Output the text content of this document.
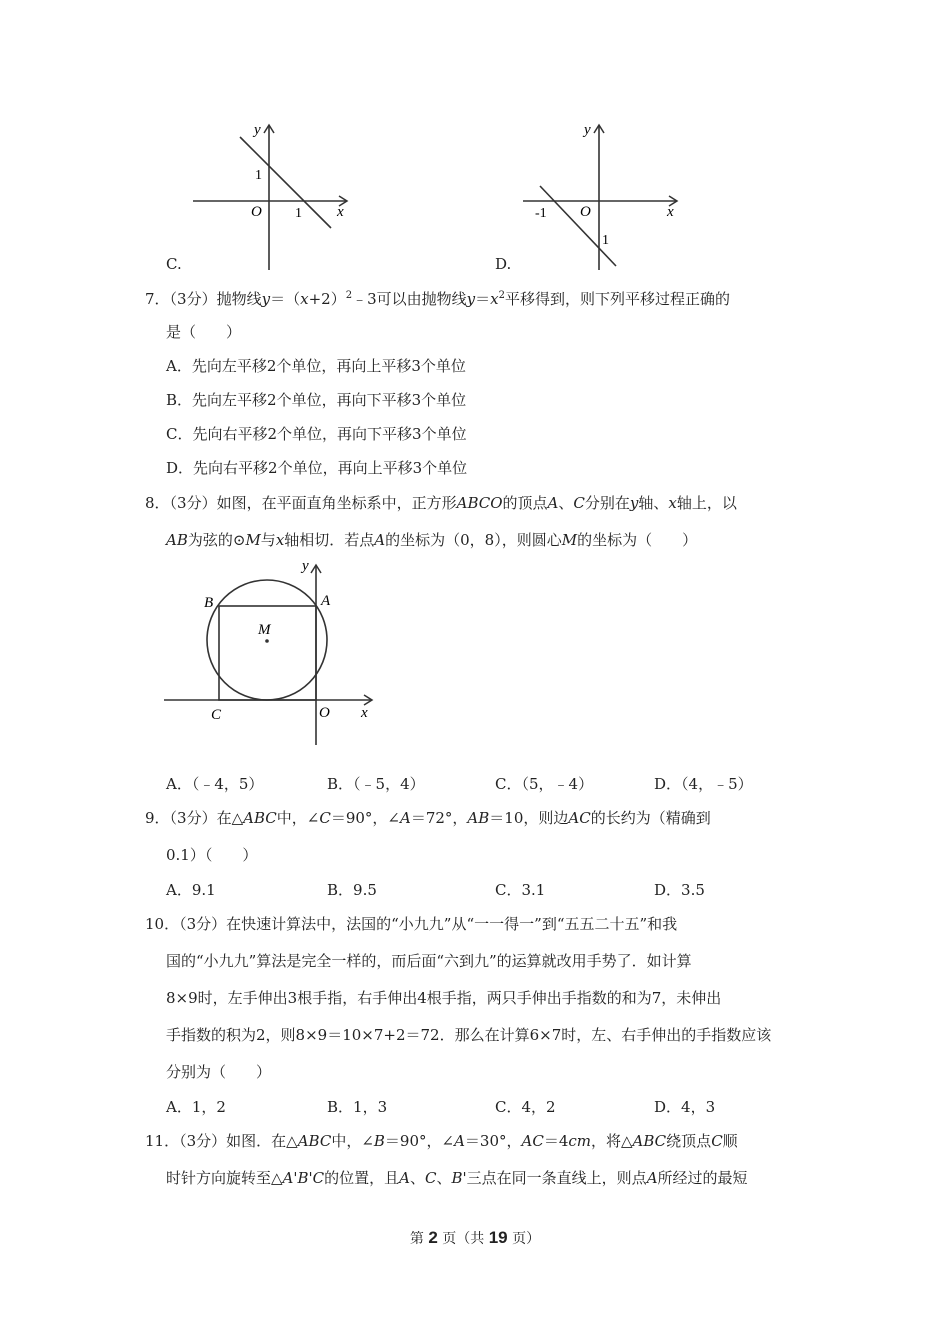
y
x
O
1
1
C.
y
x
O
-1
1
D.
7．（3分）抛物线$y=(x+2)^2﹣3$可以由抛物线$y=x^2$平移得到，则下列平移过程正确的
是（　　）
A．先向左平移2个单位，再向上平移3个单位
B．先向左平移2个单位，再向下平移3个单位
C．先向右平移2个单位，再向下平移3个单位
D．先向右平移2个单位，再向上平移3个单位
8．（3分）如图，在平面直角坐标系中，正方形ABCO的顶点A、C分别在y轴、x轴上，以
AB为弦的⊙M与x轴相切．若点A的坐标为（0，8），则圆心M的坐标为（　　）
y
x
B	A
M
C	O
A．（﹣4，5）	B．（﹣5，4）	C．（5，﹣4）	D．（4，﹣5）
9．（3分）在△ABC中，∠C＝90°，∠A＝72°，AB＝10，则边AC的长约为（精确到
0.1）（　　）
A．9.1	B．9.5	C．3.1	D．3.5
10．（3分）在快速计算法中，法国的“小九九”从“一一得一”到“五五二十五”和我
国的“小九九”算法是完全一样的，而后面“六到九”的运算就改用手势了．如计算
8×9时，左手伸出3根手指，右手伸出4根手指，两只手伸出手指数的和为7，未伸出
手指数的积为2，则8×9＝10×7+2＝72．那么在计算6×7时，左、右手伸出的手指数应该
分别为（　　）
A．1，2	B．1，3	C．4，2	D．4，3
11．（3分）如图．在△ABC中，∠B＝90°，∠A＝30°，AC＝4cm，将△ABC绕顶点C顺
时针方向旋转至△A'B'C的位置，且A、C、B'三点在同一条直线上，则点A所经过的最短
第 2 页（共 19 页）
